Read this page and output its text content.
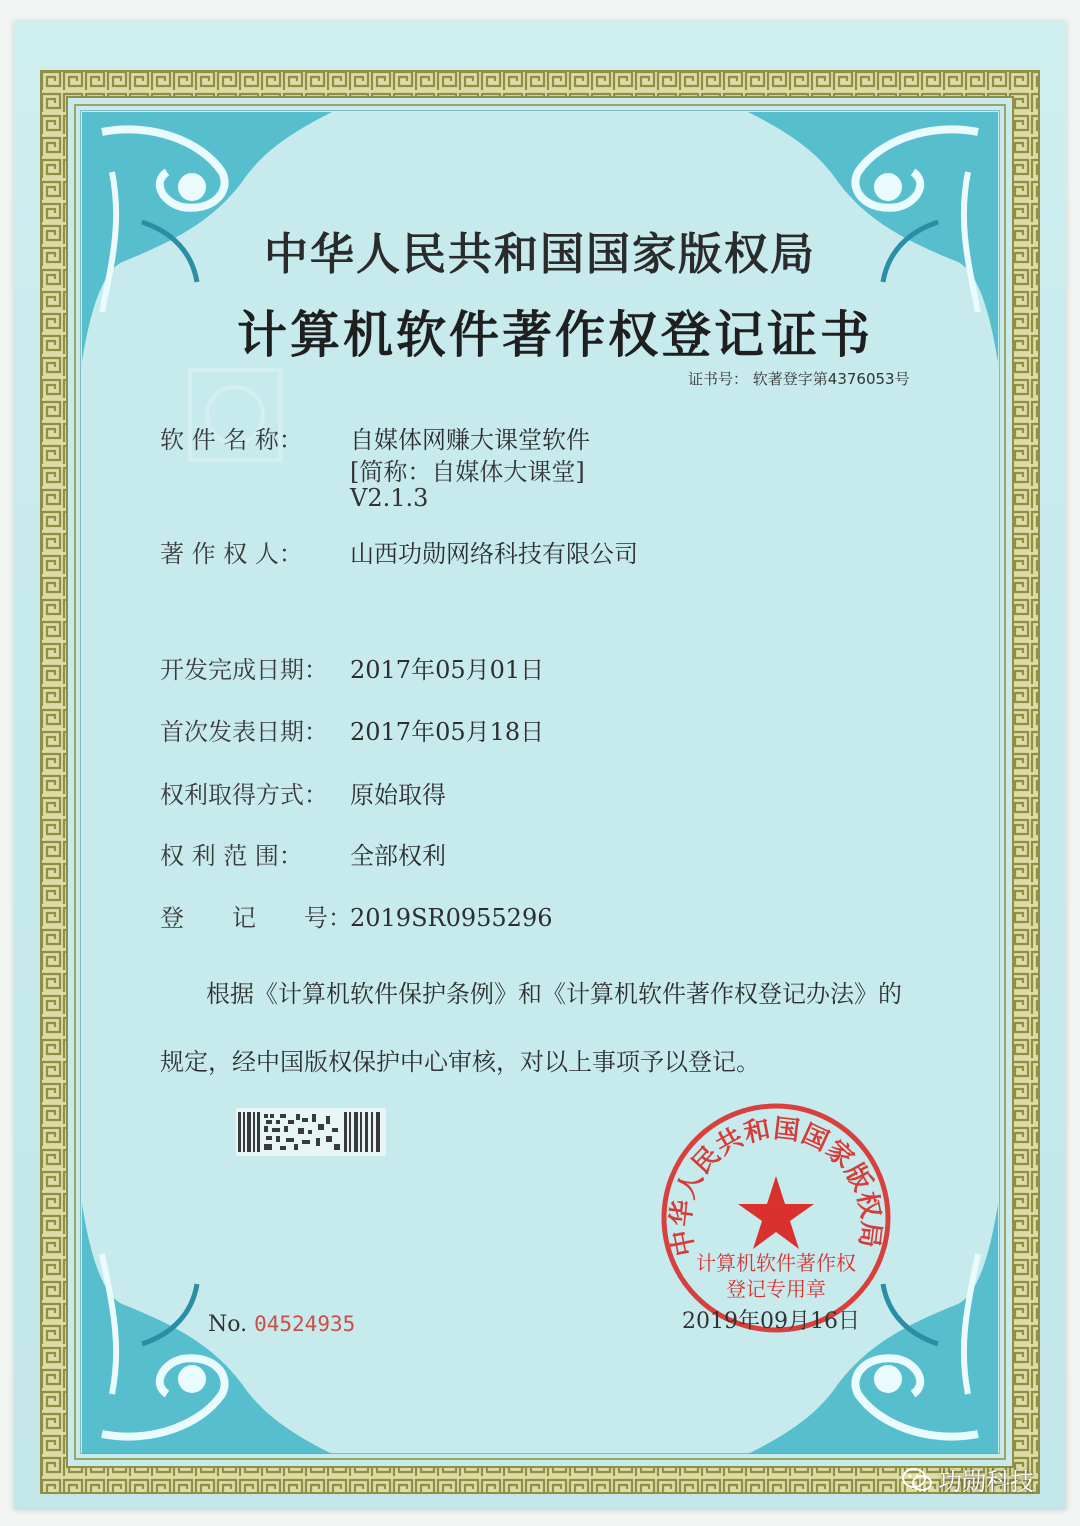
中华人民共和国国家版权局
计算机软件著作权登记证书
证书号： 软著登字第4376053号
软 件 名 称： 自媒体网赚大课堂软件
[简称：自媒体大课堂]
V2.1.3
著 作 权 人： 山西功勋网络科技有限公司
开发完成日期： 2017年05月01日
首次发表日期： 2017年05月18日
权利取得方式： 原始取得
权 利 范 围： 全部权利
登　　记　　号：2019SR0955296
根据《计算机软件保护条例》和《计算机软件著作权登记办法》的
规定，经中国版权保护中心审核，对以上事项予以登记。
No. 04524935
中华人民共和国国家版权局
计算机软件著作权
登记专用章
2019年09月16日
功勋科技
